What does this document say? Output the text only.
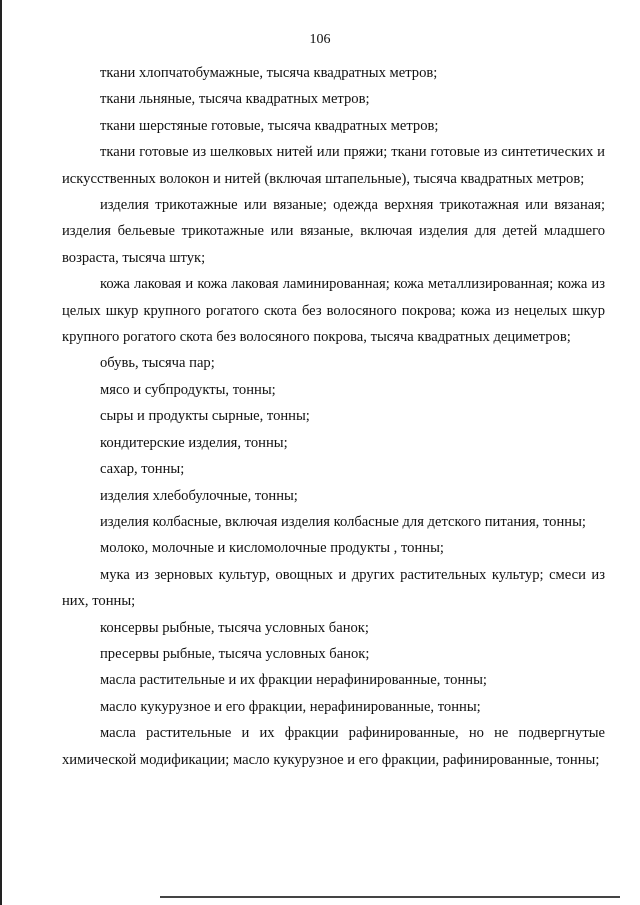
106

ткани хлопчатобумажные, тысяча квадратных метров;

ткани льняные, тысяча квадратных метров;

ткани шерстяные готовые, тысяча квадратных метров;

ткани готовые из шелковых нитей или пряжи; ткани готовые из синтетических и искусственных волокон и нитей (включая штапельные), тысяча квадратных метров;

изделия трикотажные или вязаные; одежда верхняя трикотажная или вязаная; изделия бельевые трикотажные или вязаные, включая изделия для детей младшего возраста, тысяча штук;

кожа лаковая и кожа лаковая ламинированная; кожа металлизированная; кожа из целых шкур крупного рогатого скота без волосяного покрова; кожа из нецелых шкур крупного рогатого скота без волосяного покрова, тысяча квадратных дециметров;

обувь, тысяча пар;

мясо и субпродукты, тонны;

сыры и продукты сырные, тонны;

кондитерские изделия, тонны;

сахар, тонны;

изделия хлебобулочные, тонны;

изделия колбасные, включая изделия колбасные для детского питания, тонны;

молоко, молочные и кисломолочные продукты , тонны;

мука из зерновых культур, овощных и других растительных культур; смеси из них, тонны;

консервы рыбные, тысяча условных банок;

пресервы рыбные, тысяча условных банок;

масла растительные и их фракции нерафинированные, тонны;

масло кукурузное и его фракции, нерафинированные, тонны;

масла растительные и их фракции рафинированные, но не подвергнутые химической модификации; масло кукурузное и его фракции, рафинированные, тонны;
